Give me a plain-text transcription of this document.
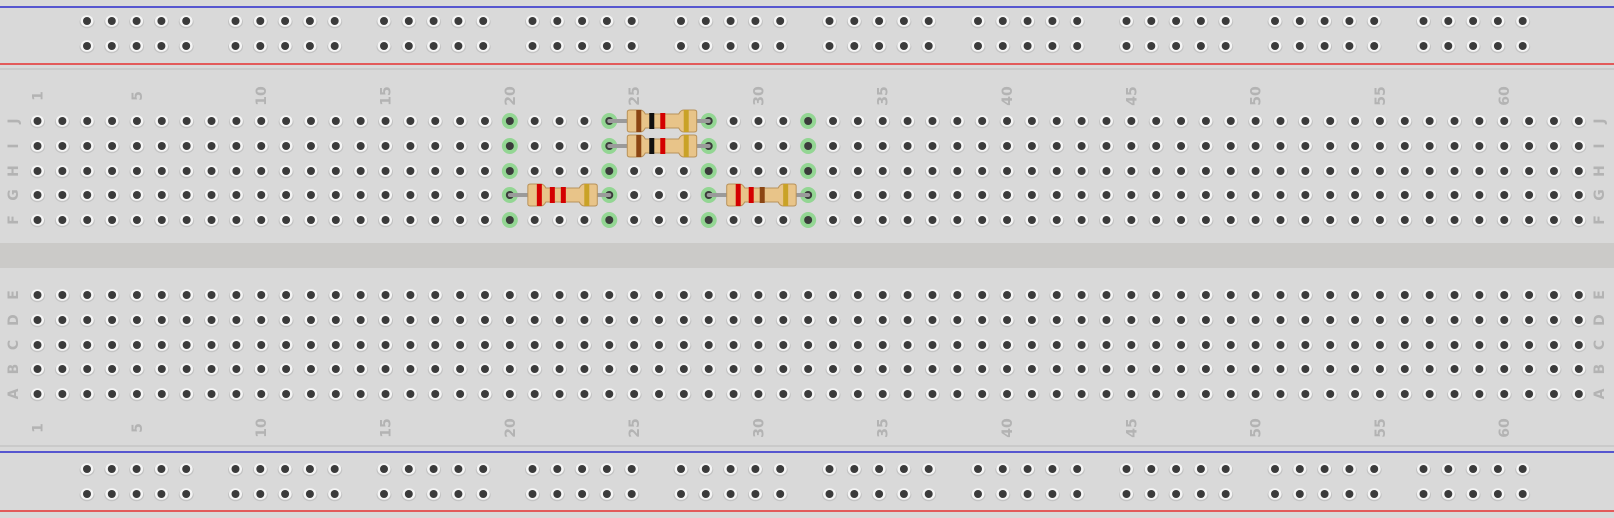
1
1
5
5
10
10
15
15
20
20
25
25
30
30
35
35
40
40
45
45
50
50
55
55
60
60
J	J
I	I
H	H
G	G
F	F
E	E
D	D
C	C
B	B
A	A
